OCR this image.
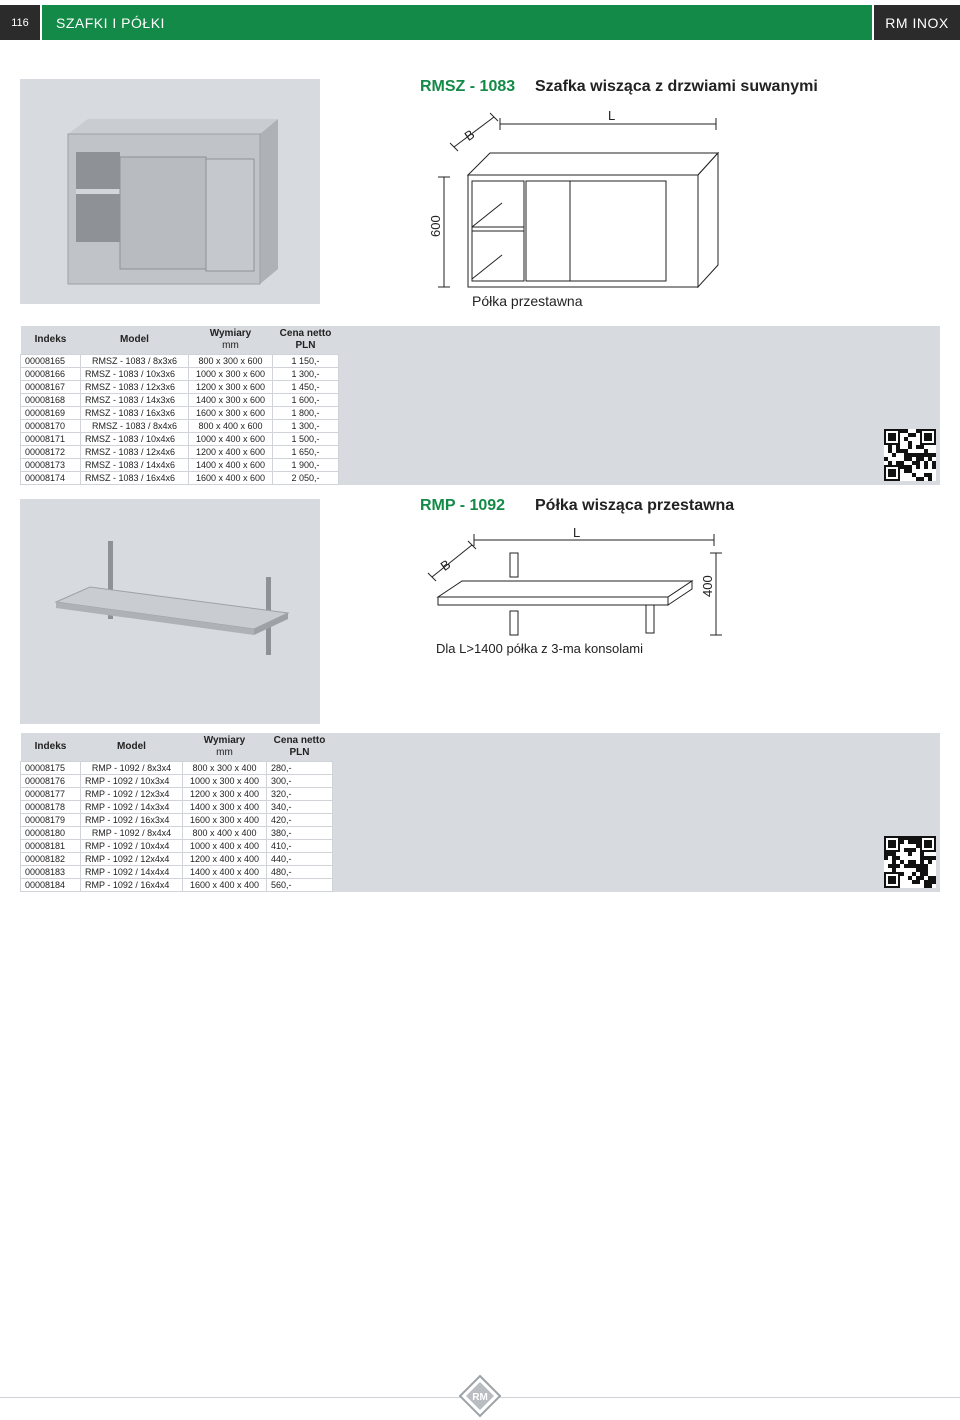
116	SZAFKI I PÓŁKI	RM INOX
RMSZ - 1083 Szafka wisząca z drzwiami suwanymi
B
L
600
Półka przestawna
Indeks	Model	Wymiary
mm	Cena netto
PLN
00008165	RMSZ - 1083 / 8x3x6	800 x 300 x 600	1 150,-
00008166	RMSZ - 1083 / 10x3x6	1000 x 300 x 600	1 300,-
00008167	RMSZ - 1083 / 12x3x6	1200 x 300 x 600	1 450,-
00008168	RMSZ - 1083 / 14x3x6	1400 x 300 x 600	1 600,-
00008169	RMSZ - 1083 / 16x3x6	1600 x 300 x 600	1 800,-
00008170	RMSZ - 1083 / 8x4x6	800 x 400 x 600	1 300,-
00008171	RMSZ - 1083 / 10x4x6	1000 x 400 x 600	1 500,-
00008172	RMSZ - 1083 / 12x4x6	1200 x 400 x 600	1 650,-
00008173	RMSZ - 1083 / 14x4x6	1400 x 400 x 600	1 900,-
00008174	RMSZ - 1083 / 16x4x6	1600 x 400 x 600	2 050,-
RMP - 1092 Półka wisząca przestawna
B
L
400
Dla L>1400 półka z 3-ma konsolami
Indeks	Model	Wymiary
mm	Cena netto
PLN
00008175	RMP - 1092 / 8x3x4	800 x 300 x 400	280,-
00008176	RMP - 1092 / 10x3x4	1000 x 300 x 400	300,-
00008177	RMP - 1092 / 12x3x4	1200 x 300 x 400	320,-
00008178	RMP - 1092 / 14x3x4	1400 x 300 x 400	340,-
00008179	RMP - 1092 / 16x3x4	1600 x 300 x 400	420,-
00008180	RMP - 1092 / 8x4x4	800 x 400 x 400	380,-
00008181	RMP - 1092 / 10x4x4	1000 x 400 x 400	410,-
00008182	RMP - 1092 / 12x4x4	1200 x 400 x 400	440,-
00008183	RMP - 1092 / 14x4x4	1400 x 400 x 400	480,-
00008184	RMP - 1092 / 16x4x4	1600 x 400 x 400	560,-
RM
